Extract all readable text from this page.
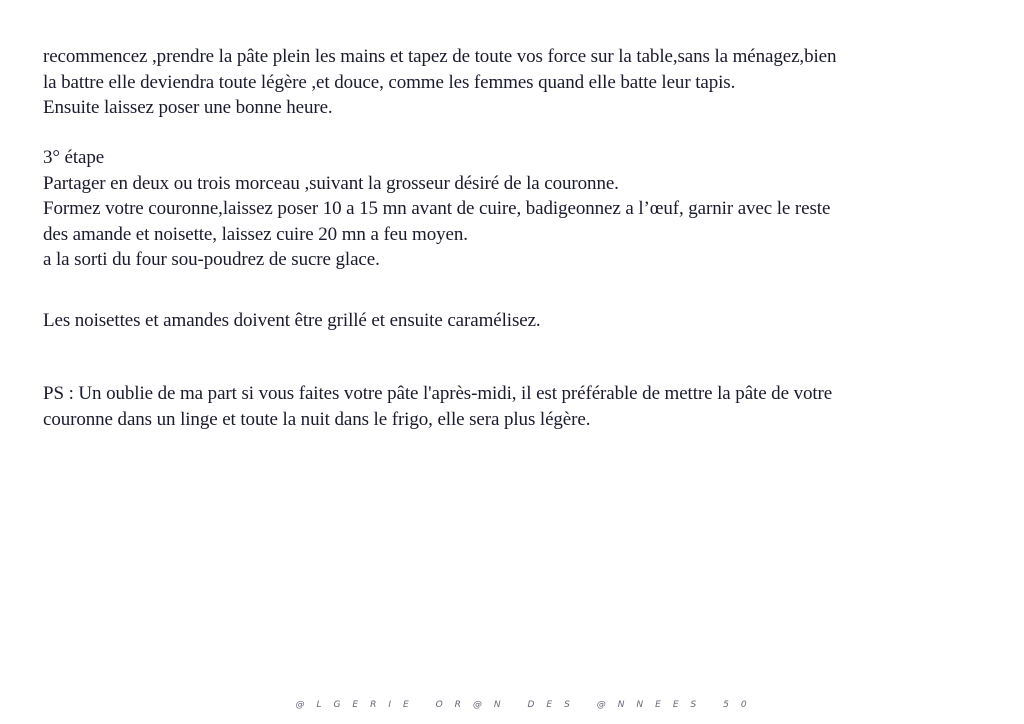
recommencez ,prendre la pâte plein les mains et tapez de toute vos force sur la table,sans la ménagez,bien
la battre elle deviendra toute légère ,et douce, comme les femmes quand elle batte leur tapis.
Ensuite laissez poser une bonne heure.
3° étape
Partager en deux ou trois morceau ,suivant la grosseur désiré de la couronne.
Formez votre couronne,laissez poser 10 a 15 mn avant de cuire, badigeonnez a l’œuf, garnir avec le reste
des amande et noisette, laissez cuire 20 mn a feu moyen.
a la sorti du four sou-poudrez de sucre glace.
Les noisettes et amandes doivent être grillé et ensuite caramélisez.
PS : Un oublie de ma part si vous faites votre pâte l'après-midi, il est préférable de mettre la pâte de votre
couronne dans un linge et toute la nuit dans le frigo, elle sera plus légère.
@LGERIE OR@N DES @NNEES 50
